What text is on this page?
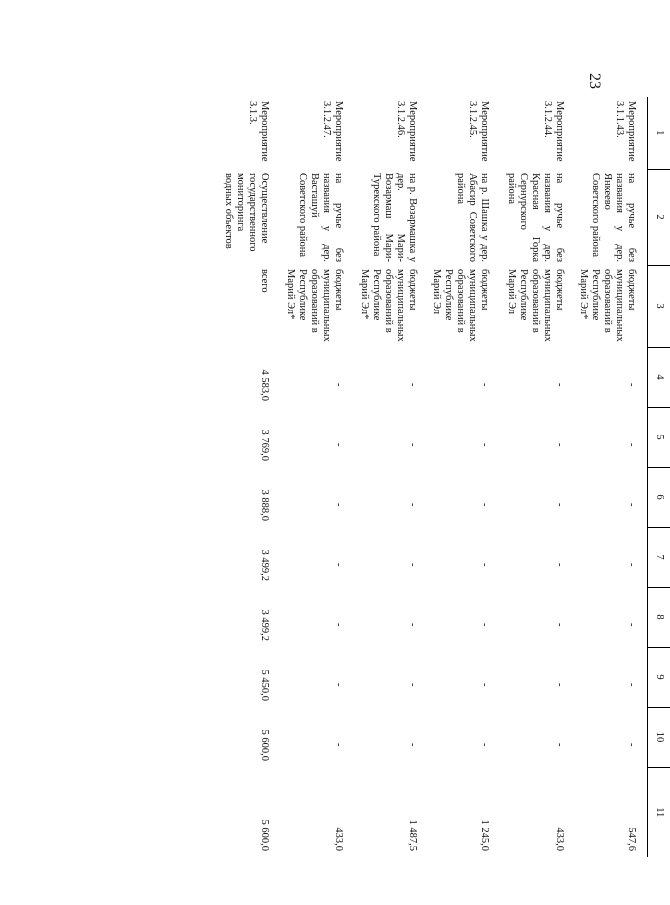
23
1	2	3	4	5	6	7	8	9	10	11
Мероприятие 3.1.1.43.	на ручье без названия у дер. Янкеево Советского района	бюджеты муниципальных образований в Республике Марий Эл*	-	-	-	-	-	-	-	547,6
Мероприятие 3.1.2.44.	на ручье без названия у дер. Красная Горка Сернурского района	бюджеты муниципальных образований в Республике Марий Эл	-	-	-	-	-	-	-	433,0
Мероприятие 3.1.2.45.	на р. Шашка у дер. Абасир Советского района	бюджеты муниципальных образований в Республике Марий Эл	-	-	-	-	-	-	-	1 245,0
Мероприятие 3.1.2.46.	на р. Возармашка у дер. Мари-Возармаш Мари-Турекского района	бюджеты муниципальных образований в Республике Марий Эл*	-	-	-	-	-	-	-	1 487,5
Мероприятие 3.1.2.47.	на ручье без названия у дер. Васташуй Советского района	бюджеты муниципальных образований в Республике Марий Эл*	-	-	-	-	-	-	-	433,0
Мероприятие 3.1.3.	Осуществление государственного мониторинга водных объектов	всего	4 583,0	3 769,0	3 888,0	3 499,2	3 499,2	5 450,0	5 600,0	5 600,0
